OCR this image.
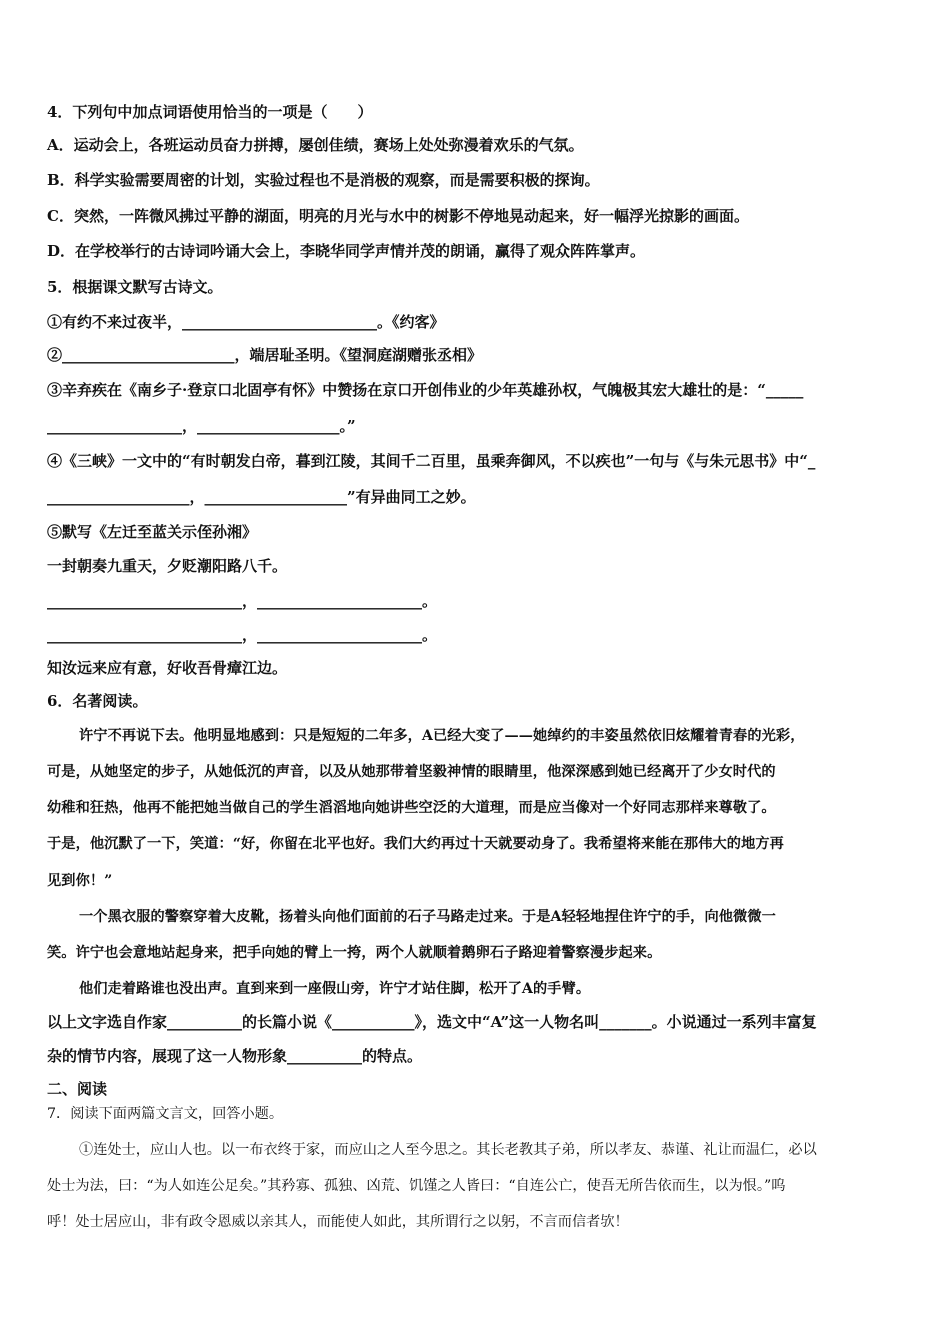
4．下列句中加点词语使用恰当的一项是（　　）
A．运动会上，各班运动员奋力拼搏，屡创佳绩，赛场上处处弥漫着欢乐的气氛。
B．科学实验需要周密的计划，实验过程也不是消极的观察，而是需要积极的探询。
C．突然，一阵微风拂过平静的湖面，明亮的月光与水中的树影不停地晃动起来，好一幅浮光掠影的画面。
D．在学校举行的古诗词吟诵大会上，李晓华同学声情并茂的朗诵，赢得了观众阵阵掌声。
5．根据课文默写古诗文。
①有约不来过夜半，__________________________。《约客》
②_______________________，端居耻圣明。《望洞庭湖赠张丞相》
③辛弃疾在《南乡子·登京口北固亭有怀》中赞扬在京口开创伟业的少年英雄孙权，气魄极其宏大雄壮的是：“_____
__________________，___________________。”
④《三峡》一文中的“有时朝发白帝，暮到江陵，其间千二百里，虽乘奔御风，不以疾也”一句与《与朱元思书》中“_
___________________，___________________”有异曲同工之妙。
⑤默写《左迁至蓝关示侄孙湘》
一封朝奏九重天，夕贬潮阳路八千。
__________________________，______________________。
__________________________，______________________。
知汝远来应有意，好收吾骨瘴江边。
6．名著阅读。
许宁不再说下去。他明显地感到：只是短短的二年多，A已经大变了——她绰约的丰姿虽然依旧炫耀着青春的光彩，
可是，从她坚定的步子，从她低沉的声音，以及从她那带着坚毅神情的眼睛里，他深深感到她已经离开了少女时代的
幼稚和狂热，他再不能把她当做自己的学生滔滔地向她讲些空泛的大道理，而是应当像对一个好同志那样来尊敬了。
于是，他沉默了一下，笑道：“好，你留在北平也好。我们大约再过十天就要动身了。我希望将来能在那伟大的地方再
见到你！”
一个黑衣服的警察穿着大皮靴，扬着头向他们面前的石子马路走过来。于是A轻轻地捏住许宁的手，向他微微一
笑。许宁也会意地站起身来，把手向她的臂上一挎，两个人就顺着鹅卵石子路迎着警察漫步起来。
他们走着路谁也没出声。直到来到一座假山旁，许宁才站住脚，松开了A的手臂。
以上文字选自作家__________的长篇小说《___________》，选文中“A”这一人物名叫_______。小说通过一系列丰富复
杂的情节内容，展现了这一人物形象__________的特点。
二、阅读
7．阅读下面两篇文言文，回答小题。
①连处士，应山人也。以一布衣终于家，而应山之人至今思之。其长老教其子弟，所以孝友、恭谨、礼让而温仁，必以
处士为法，曰：“为人如连公足矣。”其矜寡、孤独、凶荒、饥馑之人皆曰：“自连公亡，使吾无所告依而生，以为恨。”呜
呼！处士居应山，非有政令恩威以亲其人，而能使人如此，其所谓行之以躬，不言而信者欤！
